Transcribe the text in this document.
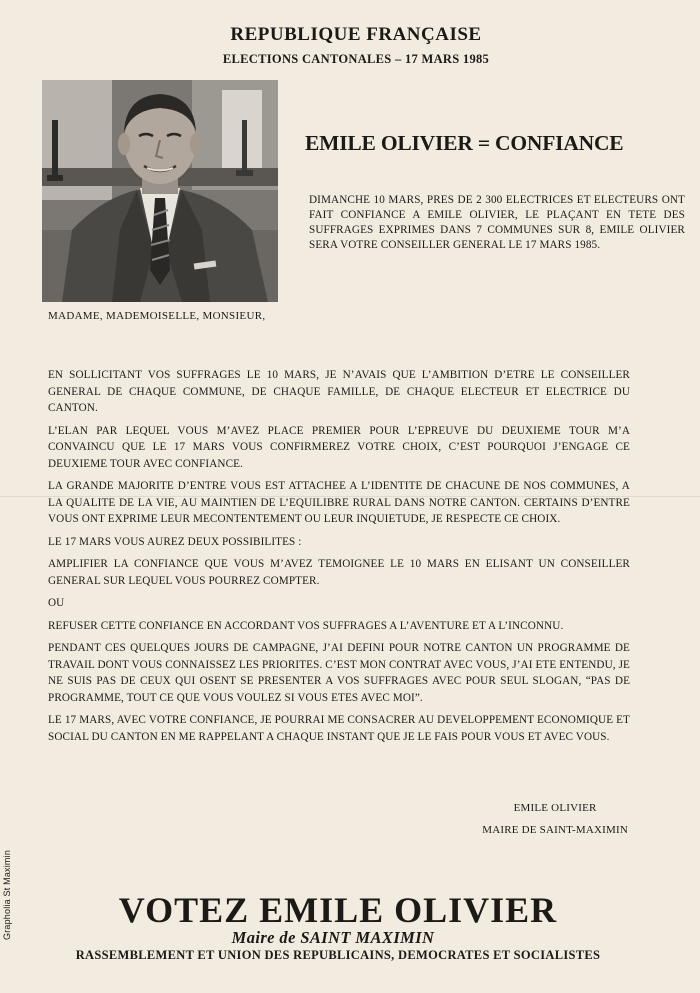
REPUBLIQUE FRANÇAISE
ELECTIONS CANTONALES – 17 MARS 1985
MADAME, MADEMOISELLE, MONSIEUR,
EMILE OLIVIER = CONFIANCE
DIMANCHE 10 MARS, PRES DE 2 300 ELECTRICES ET ELECTEURS ONT FAIT CONFIANCE A EMILE OLIVIER, LE PLAÇANT EN TETE DES SUFFRAGES EXPRIMES DANS 7 COMMUNES SUR 8, EMILE OLIVIER SERA VOTRE CONSEILLER GENERAL LE 17 MARS 1985.

EN SOLLICITANT VOS SUFFRAGES LE 10 MARS, JE N’AVAIS QUE L’AMBITION D’ETRE LE CONSEILLER GENERAL DE CHAQUE COMMUNE, DE CHAQUE FAMILLE, DE CHAQUE ELECTEUR ET ELECTRICE DU CANTON.

L’ELAN PAR LEQUEL VOUS M’AVEZ PLACE PREMIER POUR L’EPREUVE DU DEUXIEME TOUR M’A CONVAINCU QUE LE 17 MARS VOUS CONFIRMEREZ VOTRE CHOIX, C’EST POURQUOI J’ENGAGE CE DEUXIEME TOUR AVEC CONFIANCE.

LA GRANDE MAJORITE D’ENTRE VOUS EST ATTACHEE A L’IDENTITE DE CHACUNE DE NOS COMMUNES, A LA QUALITE DE LA VIE, AU MAINTIEN DE L’EQUILIBRE RURAL DANS NOTRE CANTON. CERTAINS D’ENTRE VOUS ONT EXPRIME LEUR MECONTENTEMENT OU LEUR INQUIETUDE, JE RESPECTE CE CHOIX.

LE 17 MARS VOUS AUREZ DEUX POSSIBILITES :

AMPLIFIER LA CONFIANCE QUE VOUS M’AVEZ TEMOIGNEE LE 10 MARS EN ELISANT UN CONSEILLER GENERAL SUR LEQUEL VOUS POURREZ COMPTER.

OU

REFUSER CETTE CONFIANCE EN ACCORDANT VOS SUFFRAGES A L’AVENTURE ET A L’INCONNU.

PENDANT CES QUELQUES JOURS DE CAMPAGNE, J’AI DEFINI POUR NOTRE CANTON UN PROGRAMME DE TRAVAIL DONT VOUS CONNAISSEZ LES PRIORITES. C’EST MON CONTRAT AVEC VOUS, J’AI ETE ENTENDU, JE NE SUIS PAS DE CEUX QUI OSENT SE PRESENTER A VOS SUFFRAGES AVEC POUR SEUL SLOGAN, “PAS DE PROGRAMME, TOUT CE QUE VOUS VOULEZ SI VOUS ETES AVEC MOI”.

LE 17 MARS, AVEC VOTRE CONFIANCE, JE POURRAI ME CONSACRER AU DEVELOPPEMENT ECONOMIQUE ET SOCIAL DU CANTON EN ME RAPPELANT A CHAQUE INSTANT QUE JE LE FAIS POUR VOUS ET AVEC VOUS.

EMILE OLIVIER
MAIRE DE SAINT-MAXIMIN
VOTEZ EMILE OLIVIER
Maire de SAINT MAXIMIN
RASSEMBLEMENT ET UNION DES REPUBLICAINS, DEMOCRATES ET SOCIALISTES
Grapholia St Maximin
